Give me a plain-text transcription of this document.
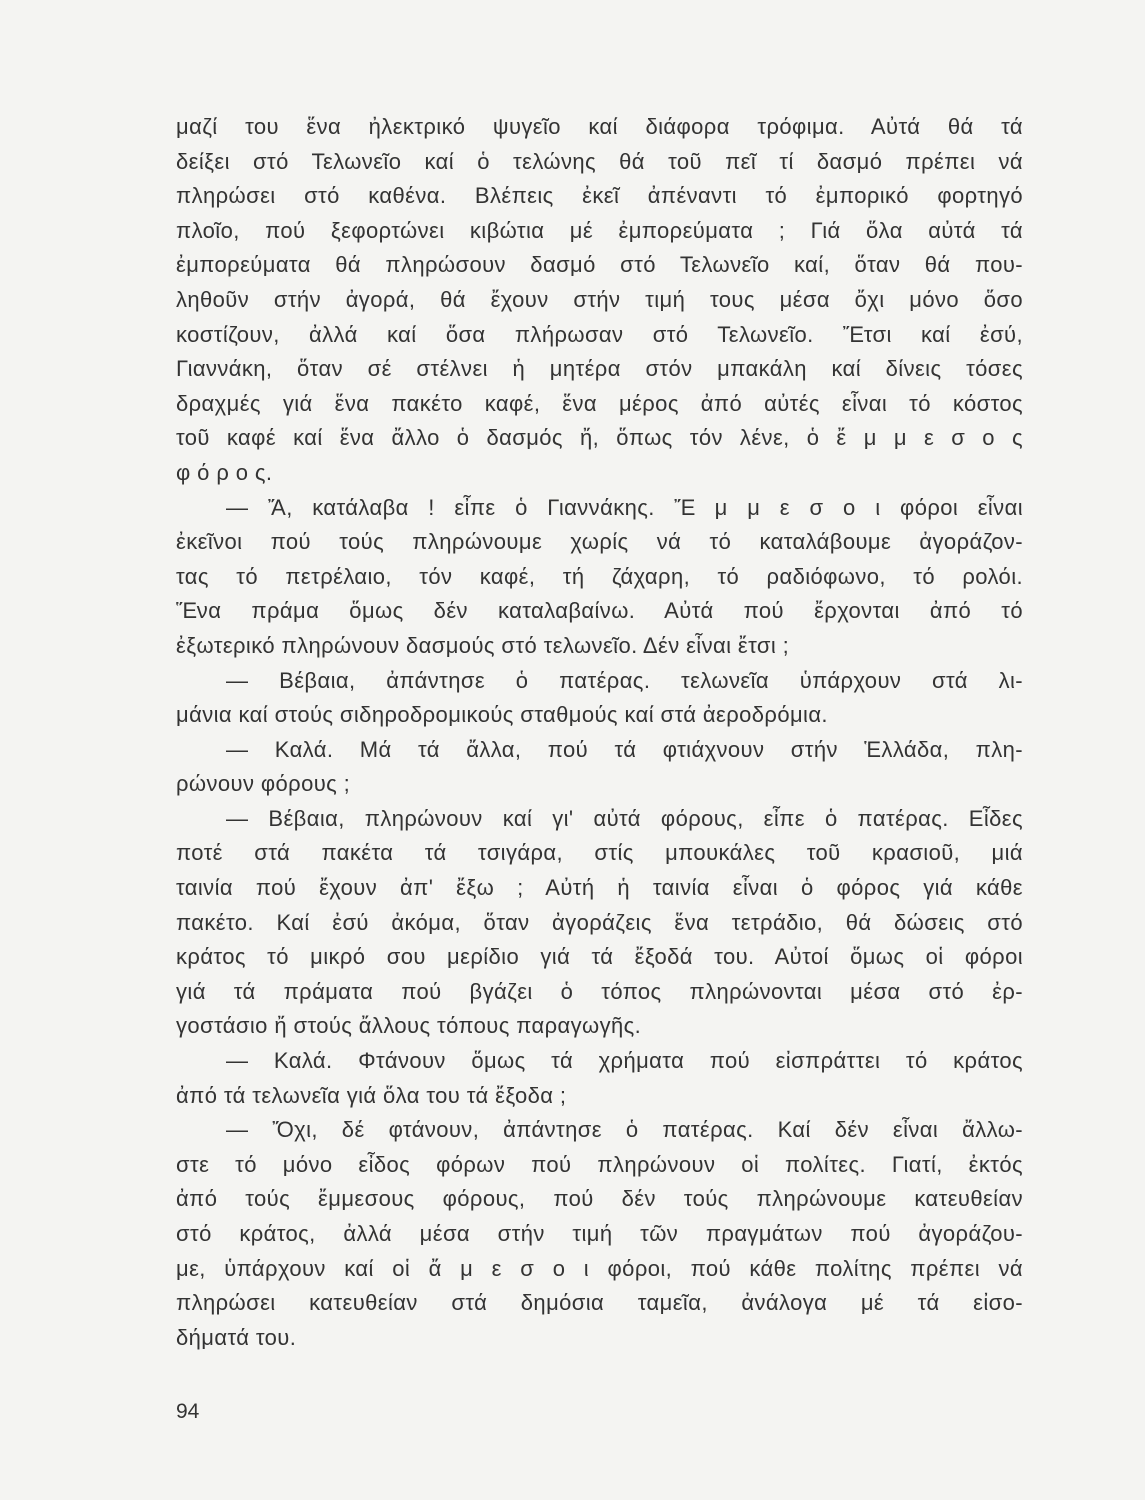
μαζί του ἕνα ἠλεκτρικό ψυγεῖο καί διάφορα τρόφιμα. Αὐτά θά τά
δείξει στό Τελωνεῖο καί ὁ τελώνης θά τοῦ πεῖ τί δασμό πρέπει νά
πληρώσει στό καθένα. Βλέπεις ἐκεῖ ἀπέναντι τό ἐμπορικό φορτηγό
πλοῖο, πού ξεφορτώνει κιβώτια μέ ἐμπορεύματα ; Γιά ὅλα αὐτά τά
ἐμπορεύματα θά πληρώσουν δασμό στό Τελωνεῖο καί, ὅταν θά που-
ληθοῦν στήν ἀγορά, θά ἔχουν στήν τιμή τους μέσα ὄχι μόνο ὅσο
κοστίζουν, ἀλλά καί ὅσα πλήρωσαν στό Τελωνεῖο. Ἔτσι καί ἐσύ,
Γιαννάκη, ὅταν σέ στέλνει ἡ μητέρα στόν μπακάλη καί δίνεις τόσες
δραχμές γιά ἕνα πακέτο καφέ, ἕνα μέρος ἀπό αὐτές εἶναι τό κόστος
τοῦ καφέ καί ἕνα ἄλλο ὁ δασμός ἤ, ὅπως τόν λένε, ὁ ἔ μ μ ε σ ο ς
φ ό ρ ο ς.
— Ἄ, κατάλαβα ! εἶπε ὁ Γιαννάκης. Ἔ μ μ ε σ ο ι φόροι εἶναι
ἐκεῖνοι πού τούς πληρώνουμε χωρίς νά τό καταλάβουμε ἀγοράζον-
τας τό πετρέλαιο, τόν καφέ, τή ζάχαρη, τό ραδιόφωνο, τό ρολόι.
Ἕνα πράμα ὅμως δέν καταλαβαίνω. Αὐτά πού ἔρχονται ἀπό τό
ἐξωτερικό πληρώνουν δασμούς στό τελωνεῖο. Δέν εἶναι ἔτσι ;
— Βέβαια, ἀπάντησε ὁ πατέρας. τελωνεῖα ὑπάρχουν στά λι-
μάνια καί στούς σιδηροδρομικούς σταθμούς καί στά ἀεροδρόμια.
— Καλά. Μά τά ἄλλα, πού τά φτιάχνουν στήν Ἑλλάδα, πλη-
ρώνουν φόρους ;
— Βέβαια, πληρώνουν καί γι' αὐτά φόρους, εἶπε ὁ πατέρας. Εἶδες
ποτέ στά πακέτα τά τσιγάρα, στίς μπουκάλες τοῦ κρασιοῦ, μιά
ταινία πού ἔχουν ἀπ' ἔξω ; Αὐτή ἡ ταινία εἶναι ὁ φόρος γιά κάθε
πακέτο. Καί ἐσύ ἀκόμα, ὅταν ἀγοράζεις ἕνα τετράδιο, θά δώσεις στό
κράτος τό μικρό σου μερίδιο γιά τά ἔξοδά του. Αὐτοί ὅμως οἱ φόροι
γιά τά πράματα πού βγάζει ὁ τόπος πληρώνονται μέσα στό ἐρ-
γοστάσιο ἤ στούς ἄλλους τόπους παραγωγῆς.
— Καλά. Φτάνουν ὅμως τά χρήματα πού εἰσπράττει τό κράτος
ἀπό τά τελωνεῖα γιά ὅλα του τά ἔξοδα ;
— Ὄχι, δέ φτάνουν, ἀπάντησε ὁ πατέρας. Καί δέν εἶναι ἄλλω-
στε τό μόνο εἶδος φόρων πού πληρώνουν οἱ πολίτες. Γιατί, ἐκτός
ἀπό τούς ἔμμεσους φόρους, πού δέν τούς πληρώνουμε κατευθείαν
στό κράτος, ἀλλά μέσα στήν τιμή τῶν πραγμάτων πού ἀγοράζου-
με, ὑπάρχουν καί οἱ ἄ μ ε σ ο ι φόροι, πού κάθε πολίτης πρέπει νά
πληρώσει κατευθείαν στά δημόσια ταμεῖα, ἀνάλογα μέ τά εἰσο-
δήματά του.
94
